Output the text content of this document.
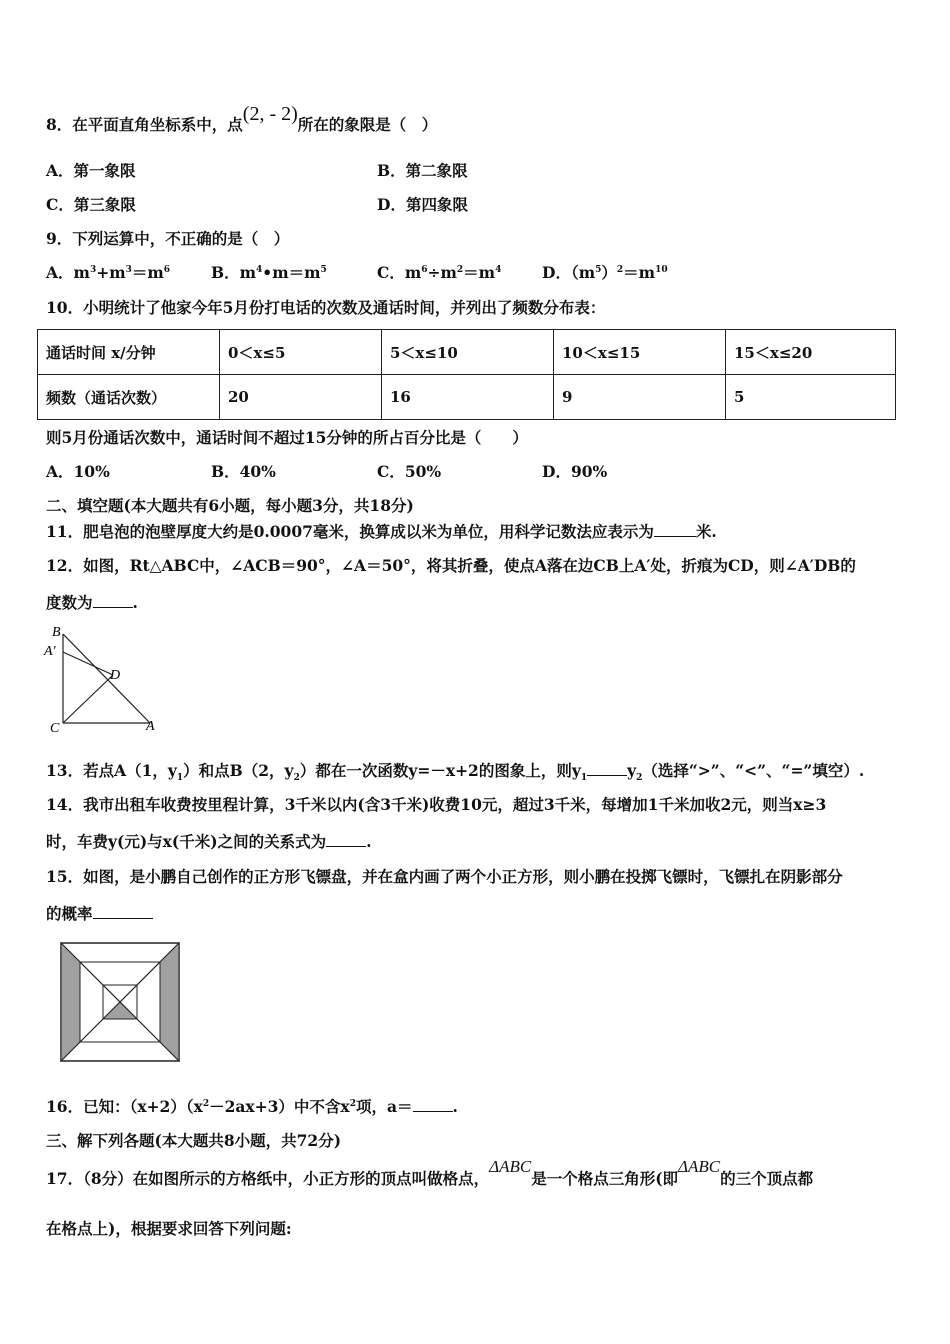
8．在平面直角坐标系中，点(2, - 2)所在的象限是（　）
A．第一象限	B．第二象限
C．第三象限	D．第四象限
9．下列运算中，不正确的是（　）
A．$m^3+m^3=m^6$	B．$m^4•m=m^5$	C．$m^6\div m^2=m^4$	D．$(m^5)^2=m^{10}$
10．小明统计了他家今年5月份打电话的次数及通话时间，并列出了频数分布表：
通话时间 x/分钟	0＜x≤5	5＜x≤10	10＜x≤15	15＜x≤20
频数（通话次数）	20	16	9	5
则5月份通话次数中，通话时间不超过15分钟的所占百分比是（　　）
A．10%	B．40%	C．50%	D．90%
二、填空题(本大题共有6小题，每小题3分，共18分)
11．肥皂泡的泡壁厚度大约是0.0007毫米，换算成以米为单位，用科学记数法应表示为	米.
12．如图，Rt△ABC中，∠ACB＝90°，∠A＝50°，将其折叠，使点A落在边CB上A′处，折痕为CD，则∠A′DB的
度数为	.
B
A′
D
C	A
13．若点A（1，$y_1$）和点B（2，$y_2$）都在一次函数y=－x+2的图象上，则$y_1$	$y_2$（选择“>”、“<”、“=”填空）.
14．我市出租车收费按里程计算，3千米以内(含3千米)收费10元，超过3千米，每增加1千米加收2元，则当x≥3
时，车费y(元)与x(千米)之间的关系式为	.
15．如图，是小鹏自己创作的正方形飞镖盘，并在盒内画了两个小正方形，则小鹏在投掷飞镖时，飞镖扎在阴影部分
的概率
16．已知：$(x+2)(x^2-2ax+3)$中不含$x^2$项，a＝	.
三、解下列各题(本大题共8小题，共72分)
17．（8分）在如图所示的方格纸中，小正方形的顶点叫做格点，ΔABC是一个格点三角形(即ΔABC的三个顶点都
在格点上)，根据要求回答下列问题:
